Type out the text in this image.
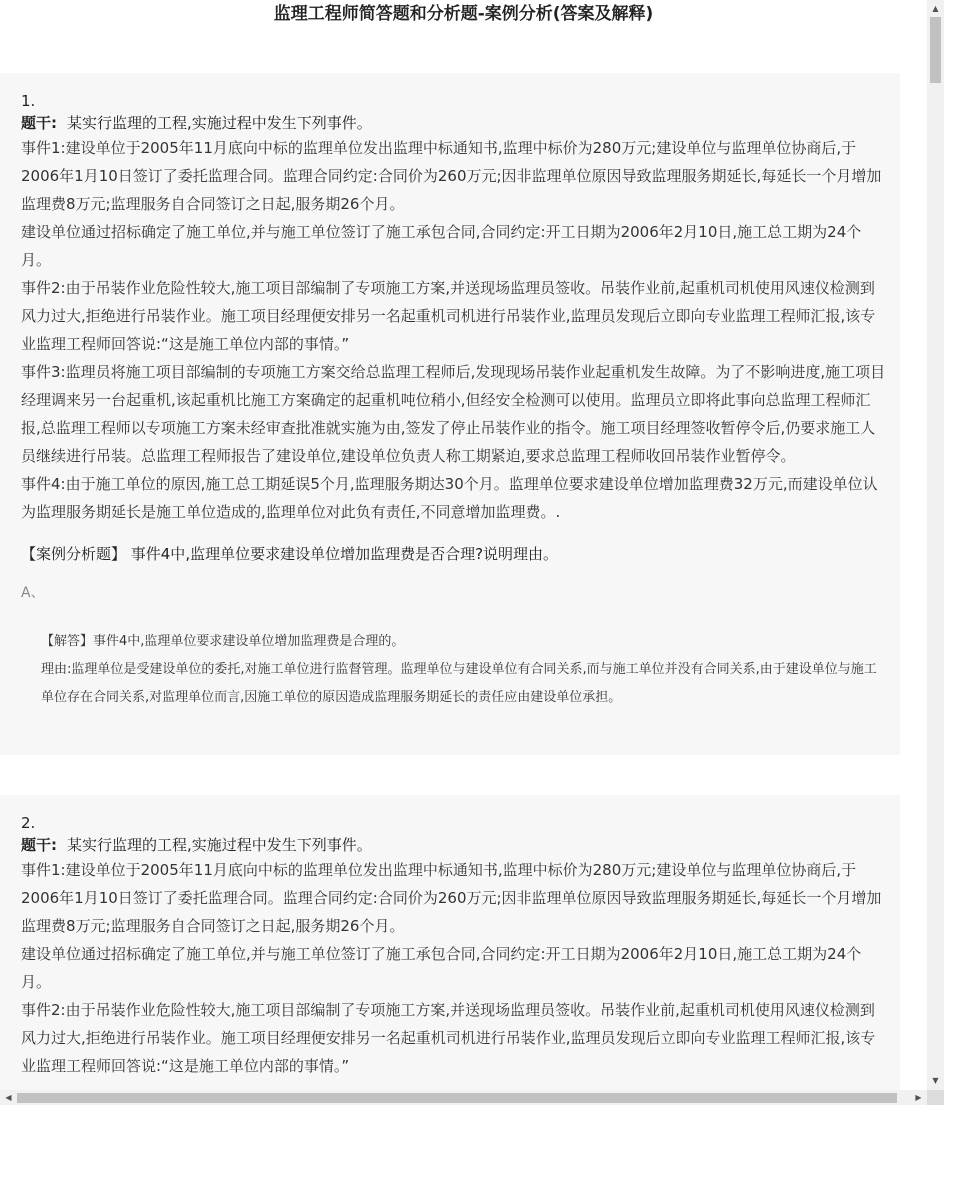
监理工程师简答题和分析题-案例分析(答案及解释)
1.
题干: 某实行监理的工程,实施过程中发生下列事件。

事件1:建设单位于2005年11月底向中标的监理单位发出监理中标通知书,监理中标价为280万元;建设单位与监理单位协商后,于2006年1月10日签订了委托监理合同。监理合同约定:合同价为260万元;因非监理单位原因导致监理服务期延长,每延长一个月增加监理费8万元;监理服务自合同签订之日起,服务期26个月。

建设单位通过招标确定了施工单位,并与施工单位签订了施工承包合同,合同约定:开工日期为2006年2月10日,施工总工期为24个月。

事件2:由于吊装作业危险性较大,施工项目部编制了专项施工方案,并送现场监理员签收。吊装作业前,起重机司机使用风速仪检测到风力过大,拒绝进行吊装作业。施工项目经理便安排另一名起重机司机进行吊装作业,监理员发现后立即向专业监理工程师汇报,该专业监理工程师回答说:“这是施工单位内部的事情。”

事件3:监理员将施工项目部编制的专项施工方案交给总监理工程师后,发现现场吊装作业起重机发生故障。为了不影响进度,施工项目经理调来另一台起重机,该起重机比施工方案确定的起重机吨位稍小,但经安全检测可以使用。监理员立即将此事向总监理工程师汇报,总监理工程师以专项施工方案未经审查批准就实施为由,签发了停止吊装作业的指令。施工项目经理签收暂停令后,仍要求施工人员继续进行吊装。总监理工程师报告了建设单位,建设单位负责人称工期紧迫,要求总监理工程师收回吊装作业暂停令。

事件4:由于施工单位的原因,施工总工期延误5个月,监理服务期达30个月。监理单位要求建设单位增加监理费32万元,而建设单位认为监理服务期延长是施工单位造成的,监理单位对此负有责任,不同意增加监理费。.

【案例分析题】 事件4中,监理单位要求建设单位增加监理费是否合理?说明理由。

A、

【解答】事件4中,监理单位要求建设单位增加监理费是合理的。

理由:监理单位是受建设单位的委托,对施工单位进行监督管理。监理单位与建设单位有合同关系,而与施工单位并没有合同关系,由于建设单位与施工单位存在合同关系,对监理单位而言,因施工单位的原因造成监理服务期延长的责任应由建设单位承担。

2.
题干: 某实行监理的工程,实施过程中发生下列事件。

事件1:建设单位于2005年11月底向中标的监理单位发出监理中标通知书,监理中标价为280万元;建设单位与监理单位协商后,于2006年1月10日签订了委托监理合同。监理合同约定:合同价为260万元;因非监理单位原因导致监理服务期延长,每延长一个月增加监理费8万元;监理服务自合同签订之日起,服务期26个月。

建设单位通过招标确定了施工单位,并与施工单位签订了施工承包合同,合同约定:开工日期为2006年2月10日,施工总工期为24个月。

事件2:由于吊装作业危险性较大,施工项目部编制了专项施工方案,并送现场监理员签收。吊装作业前,起重机司机使用风速仪检测到风力过大,拒绝进行吊装作业。施工项目经理便安排另一名起重机司机进行吊装作业,监理员发现后立即向专业监理工程师汇报,该专业监理工程师回答说:“这是施工单位内部的事情。”

▲
▼
◀	▶
